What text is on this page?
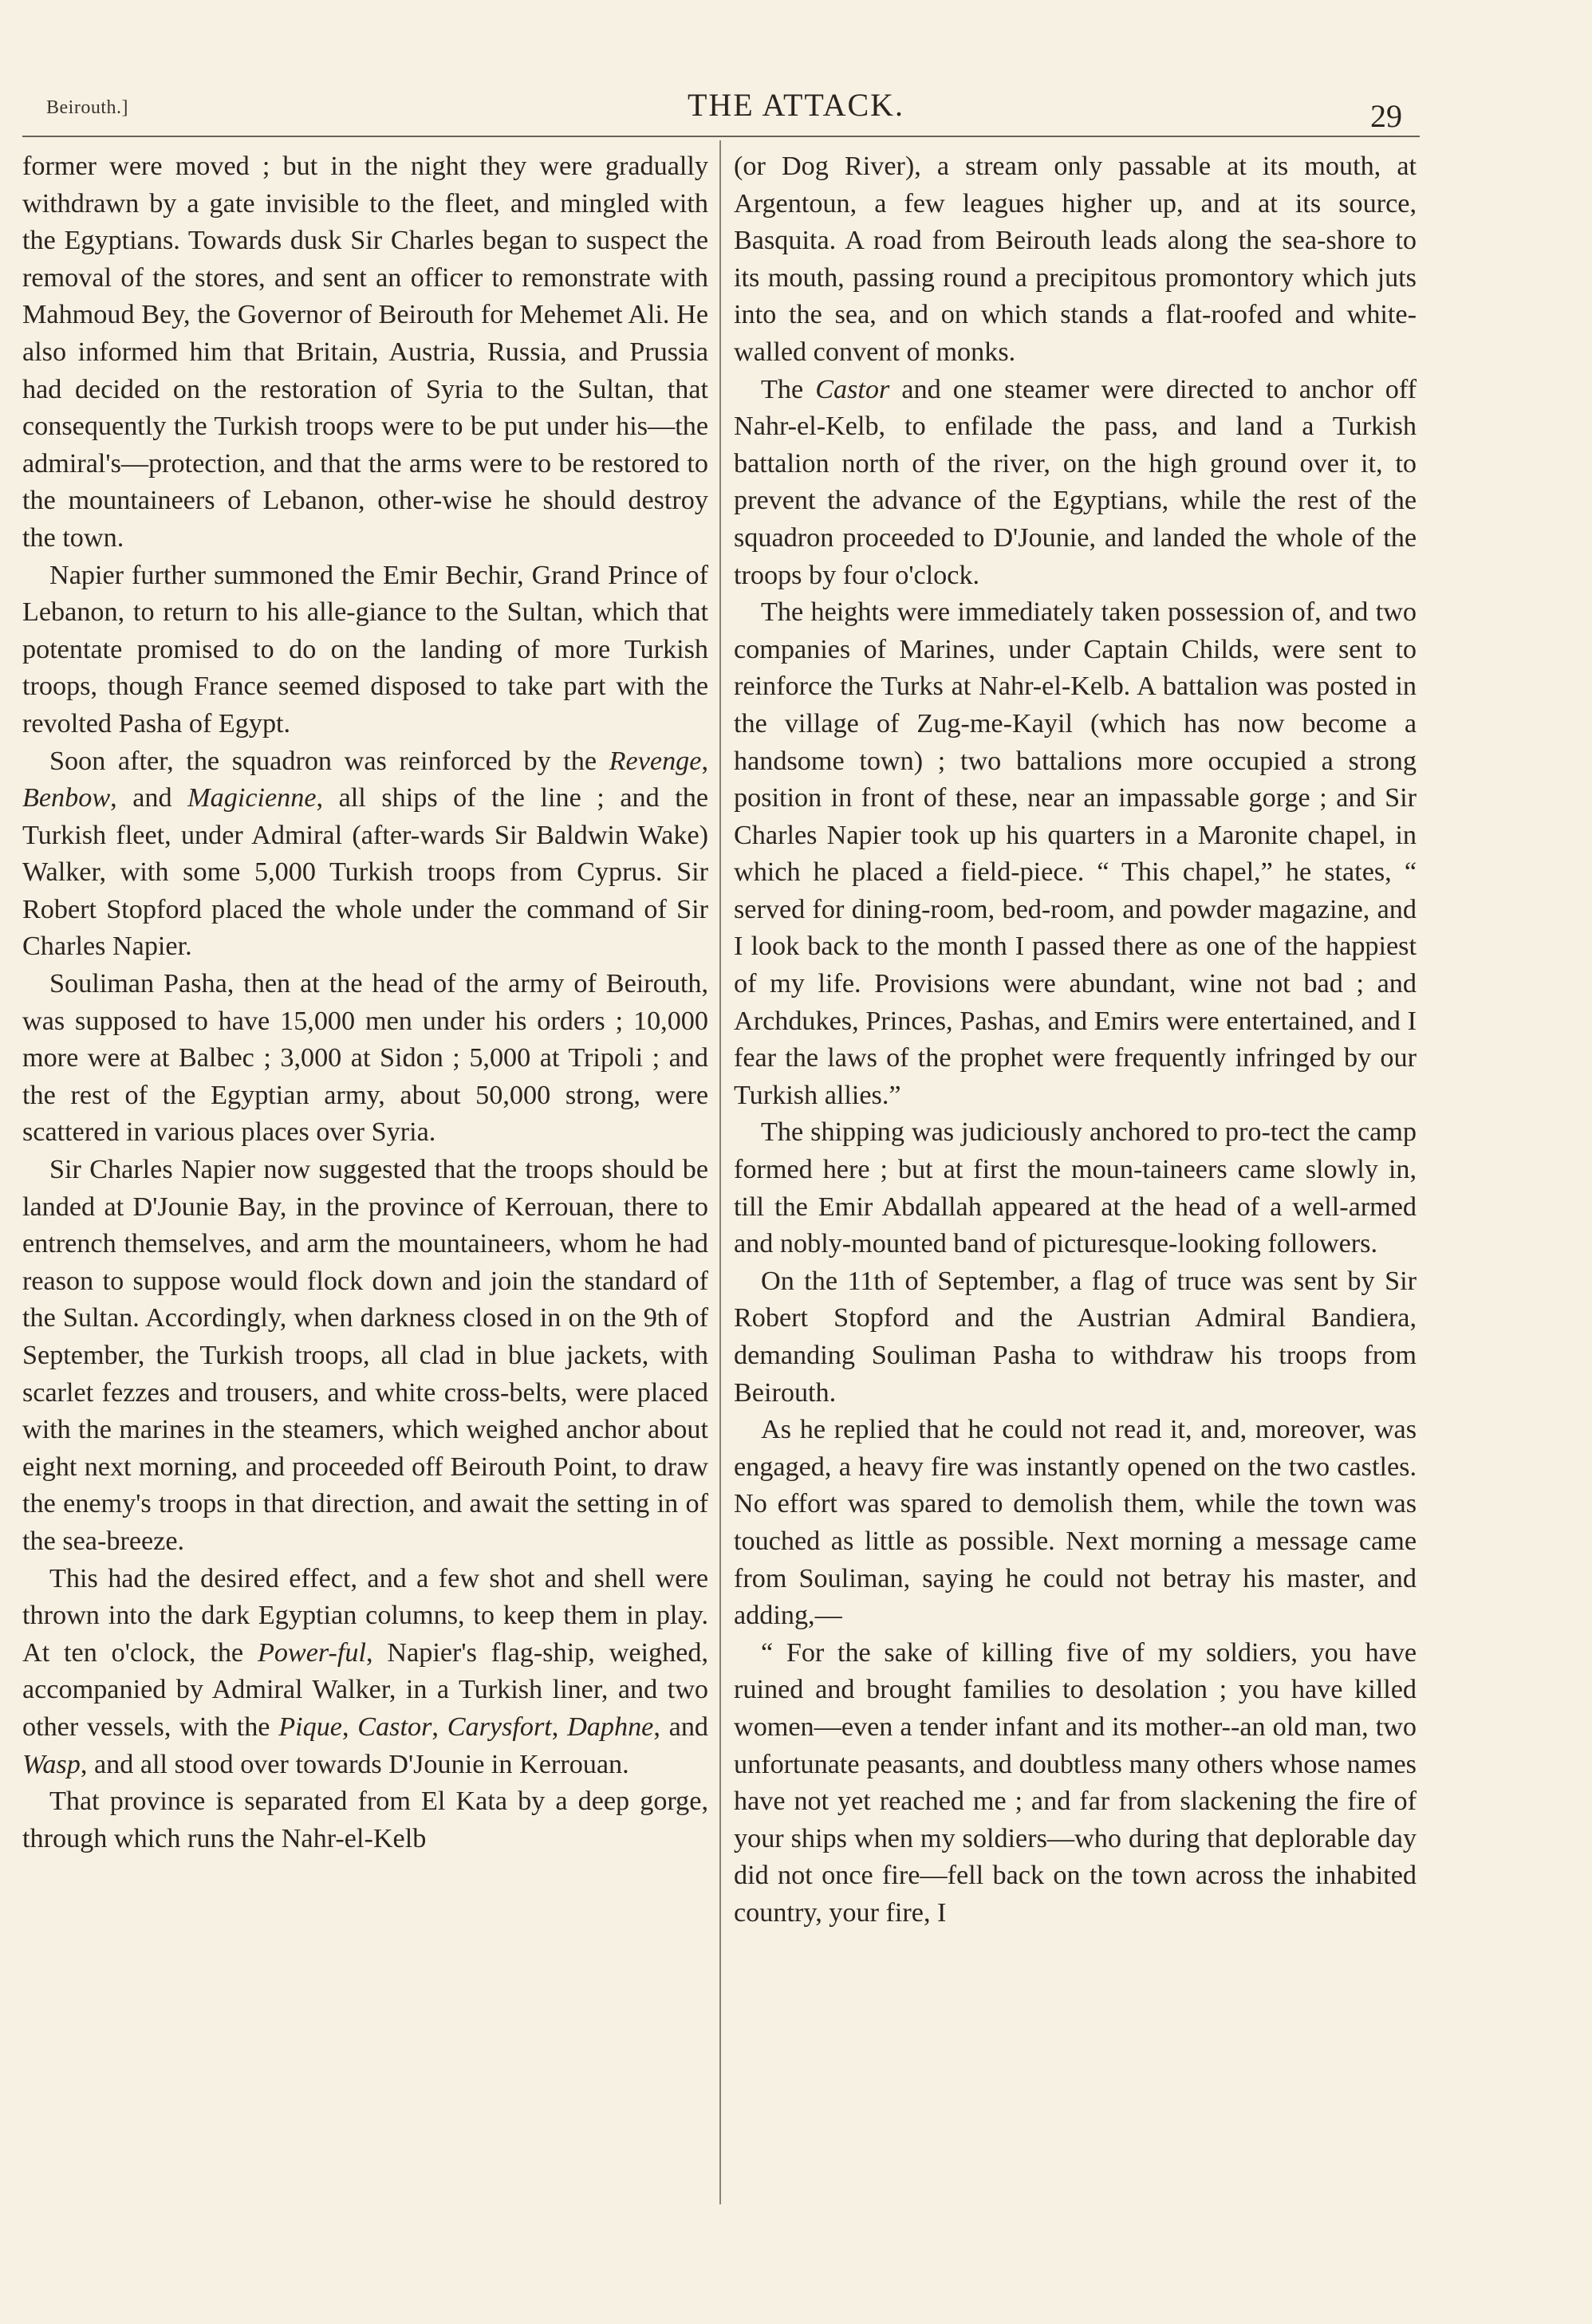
Beirouth.]	THE ATTACK.	29

former were moved ; but in the night they were gradually withdrawn by a gate invisible to the fleet, and mingled with the Egyptians. Towards dusk Sir Charles began to suspect the removal of the stores, and sent an officer to remonstrate with Mahmoud Bey, the Governor of Beirouth for Mehemet Ali. He also informed him that Britain, Austria, Russia, and Prussia had decided on the restoration of Syria to the Sultan, that consequently the Turkish troops were to be put under his—the admiral's—protection, and that the arms were to be restored to the mountaineers of Lebanon, other-wise he should destroy the town.

Napier further summoned the Emir Bechir, Grand Prince of Lebanon, to return to his alle-giance to the Sultan, which that potentate promised to do on the landing of more Turkish troops, though France seemed disposed to take part with the revolted Pasha of Egypt.

Soon after, the squadron was reinforced by the Revenge, Benbow, and Magicienne, all ships of the line ; and the Turkish fleet, under Admiral (after-wards Sir Baldwin Wake) Walker, with some 5,000 Turkish troops from Cyprus. Sir Robert Stopford placed the whole under the command of Sir Charles Napier.

Souliman Pasha, then at the head of the army of Beirouth, was supposed to have 15,000 men under his orders ; 10,000 more were at Balbec ; 3,000 at Sidon ; 5,000 at Tripoli ; and the rest of the Egyptian army, about 50,000 strong, were scattered in various places over Syria.

Sir Charles Napier now suggested that the troops should be landed at D'Jounie Bay, in the province of Kerrouan, there to entrench themselves, and arm the mountaineers, whom he had reason to suppose would flock down and join the standard of the Sultan. Accordingly, when darkness closed in on the 9th of September, the Turkish troops, all clad in blue jackets, with scarlet fezzes and trousers, and white cross-belts, were placed with the marines in the steamers, which weighed anchor about eight next morning, and proceeded off Beirouth Point, to draw the enemy's troops in that direction, and await the setting in of the sea-breeze.

This had the desired effect, and a few shot and shell were thrown into the dark Egyptian columns, to keep them in play. At ten o'clock, the Power-ful, Napier's flag-ship, weighed, accompanied by Admiral Walker, in a Turkish liner, and two other vessels, with the Pique, Castor, Carysfort, Daphne, and Wasp, and all stood over towards D'Jounie in Kerrouan.

That province is separated from El Kata by a deep gorge, through which runs the Nahr-el-Kelb

(or Dog River), a stream only passable at its mouth, at Argentoun, a few leagues higher up, and at its source, Basquita. A road from Beirouth leads along the sea-shore to its mouth, passing round a precipitous promontory which juts into the sea, and on which stands a flat-roofed and white-walled convent of monks.

The Castor and one steamer were directed to anchor off Nahr-el-Kelb, to enfilade the pass, and land a Turkish battalion north of the river, on the high ground over it, to prevent the advance of the Egyptians, while the rest of the squadron proceeded to D'Jounie, and landed the whole of the troops by four o'clock.

The heights were immediately taken possession of, and two companies of Marines, under Captain Childs, were sent to reinforce the Turks at Nahr-el-Kelb. A battalion was posted in the village of Zug-me-Kayil (which has now become a handsome town) ; two battalions more occupied a strong position in front of these, near an impassable gorge ; and Sir Charles Napier took up his quarters in a Maronite chapel, in which he placed a field-piece. “ This chapel,” he states, “ served for dining-room, bed-room, and powder magazine, and I look back to the month I passed there as one of the happiest of my life. Provisions were abundant, wine not bad ; and Archdukes, Princes, Pashas, and Emirs were entertained, and I fear the laws of the prophet were frequently infringed by our Turkish allies.”

The shipping was judiciously anchored to pro-tect the camp formed here ; but at first the moun-taineers came slowly in, till the Emir Abdallah appeared at the head of a well-armed and nobly-mounted band of picturesque-looking followers.

On the 11th of September, a flag of truce was sent by Sir Robert Stopford and the Austrian Admiral Bandiera, demanding Souliman Pasha to withdraw his troops from Beirouth.

As he replied that he could not read it, and, moreover, was engaged, a heavy fire was instantly opened on the two castles. No effort was spared to demolish them, while the town was touched as little as possible. Next morning a message came from Souliman, saying he could not betray his master, and adding,—

“ For the sake of killing five of my soldiers, you have ruined and brought families to desolation ; you have killed women—even a tender infant and its mother--an old man, two unfortunate peasants, and doubtless many others whose names have not yet reached me ; and far from slackening the fire of your ships when my soldiers—who during that deplorable day did not once fire—fell back on the town across the inhabited country, your fire, I
